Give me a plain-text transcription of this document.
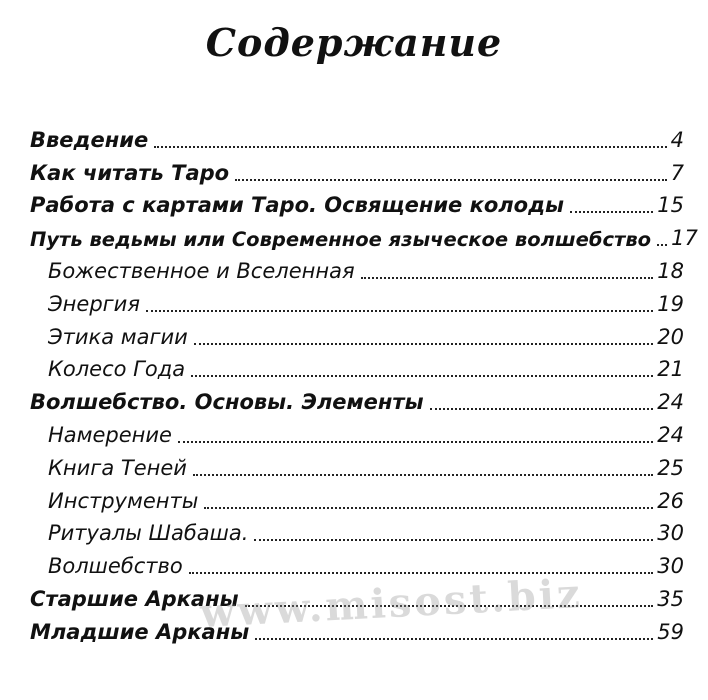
Содержание
Введение	4
Как читать Таро	7
Работа с картами Таро. Освящение колоды	15
Путь ведьмы или Современное языческое волшебство 17
Божественное и Вселенная	18
Энергия	19
Этика магии	20
Колесо Года	21
Волшебство. Основы. Элементы	24
Намерение	24
Книга Теней	25
Инструменты	26
Ритуалы Шабаша.	30
Волшебство	30
Старшие Арканы	35
Младшие Арканы	59
www.misost.biz
